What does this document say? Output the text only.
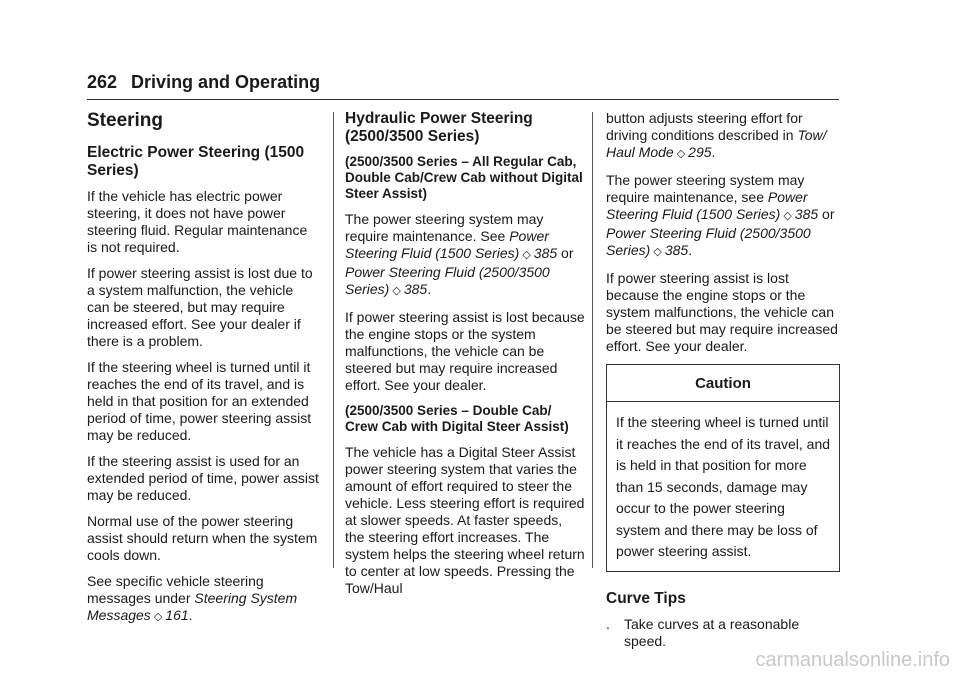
262 Driving and Operating
Steering
Electric Power Steering (1500 Series)

If the vehicle has electric power steering, it does not have power steering fluid. Regular maintenance is not required.

If power steering assist is lost due to a system malfunction, the vehicle can be steered, but may require increased effort. See your dealer if there is a problem.

If the steering wheel is turned until it reaches the end of its travel, and is held in that position for an extended period of time, power steering assist may be reduced.

If the steering assist is used for an extended period of time, power assist may be reduced.

Normal use of the power steering assist should return when the system cools down.

See specific vehicle steering messages under Steering System Messages ◇ 161.

Hydraulic Power Steering (2500/3500 Series)
(2500/3500 Series – All Regular Cab, Double Cab/Crew Cab without Digital Steer Assist)

The power steering system may require maintenance. See Power Steering Fluid (1500 Series) ◇ 385 or Power Steering Fluid (2500/3500 Series) ◇ 385.

If power steering assist is lost because the engine stops or the system malfunctions, the vehicle can be steered but may require increased effort. See your dealer.

(2500/3500 Series – Double Cab/ Crew Cab with Digital Steer Assist)

The vehicle has a Digital Steer Assist power steering system that varies the amount of effort required to steer the vehicle. Less steering effort is required at slower speeds. At faster speeds, the steering effort increases. The system helps the steering wheel return to center at low speeds. Pressing the Tow/Haul

button adjusts steering effort for driving conditions described in Tow/ Haul Mode ◇ 295.

The power steering system may require maintenance, see Power Steering Fluid (1500 Series) ◇ 385 or Power Steering Fluid (2500/3500 Series) ◇ 385.

If power steering assist is lost because the engine stops or the system malfunctions, the vehicle can be steered but may require increased effort. See your dealer.

Caution
If the steering wheel is turned until it reaches the end of its travel, and is held in that position for more than 15 seconds, damage may occur to the power steering system and there may be loss of power steering assist.
Curve Tips
.	Take curves at a reasonable speed.
carmanualsonline.info
